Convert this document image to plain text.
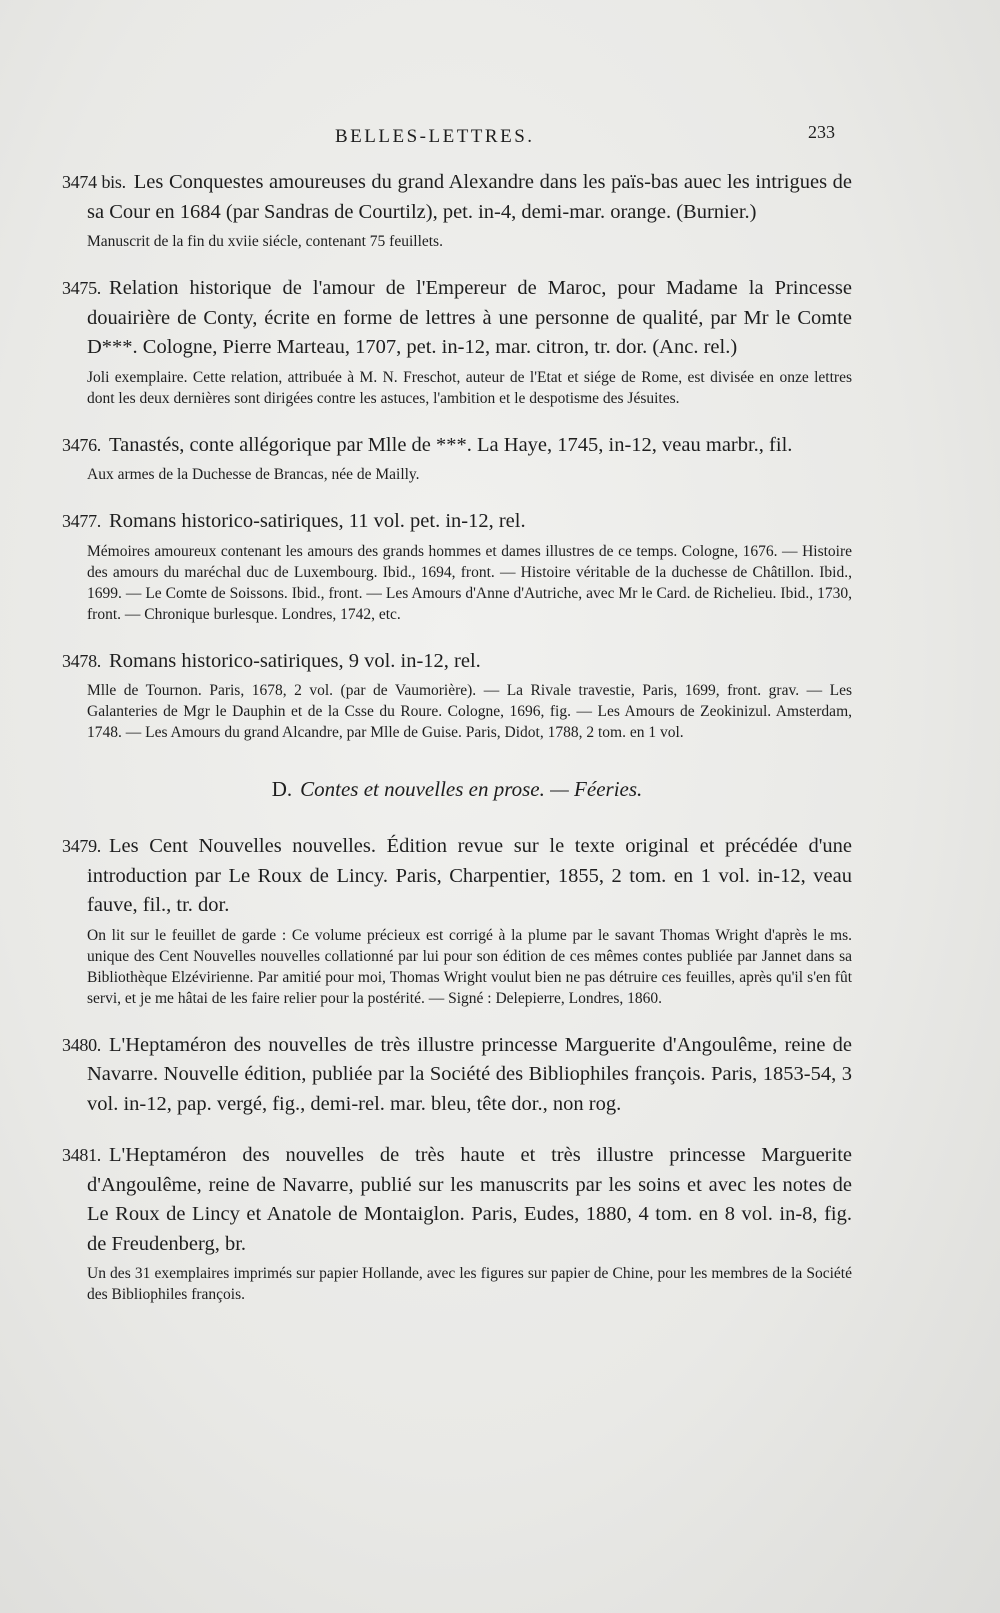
BELLES-LETTRES.	233
3474 bis. Les Conquestes amoureuses du grand Alexandre dans les païs-bas auec les intrigues de sa Cour en 1684 (par Sandras de Courtilz), pet. in-4, demi-mar. orange. (Burnier.)
Manuscrit de la fin du xviie siécle, contenant 75 feuillets.
3475. Relation historique de l'amour de l'Empereur de Maroc, pour Madame la Princesse douairière de Conty, écrite en forme de lettres à une personne de qualité, par Mr le Comte D***. Cologne, Pierre Marteau, 1707, pet. in-12, mar. citron, tr. dor. (Anc. rel.)
Joli exemplaire. Cette relation, attribuée à M. N. Freschot, auteur de l'Etat et siége de Rome, est divisée en onze lettres dont les deux dernières sont dirigées contre les astuces, l'ambition et le despotisme des Jésuites.
3476. Tanastés, conte allégorique par Mlle de ***. La Haye, 1745, in-12, veau marbr., fil.
Aux armes de la Duchesse de Brancas, née de Mailly.
3477. Romans historico-satiriques, 11 vol. pet. in-12, rel.
Mémoires amoureux contenant les amours des grands hommes et dames illustres de ce temps. Cologne, 1676. — Histoire des amours du maréchal duc de Luxembourg. Ibid., 1694, front. — Histoire véritable de la duchesse de Châtillon. Ibid., 1699. — Le Comte de Soissons. Ibid., front. — Les Amours d'Anne d'Autriche, avec Mr le Card. de Richelieu. Ibid., 1730, front. — Chronique burlesque. Londres, 1742, etc.
3478. Romans historico-satiriques, 9 vol. in-12, rel.
Mlle de Tournon. Paris, 1678, 2 vol. (par de Vaumorière). — La Rivale travestie, Paris, 1699, front. grav. — Les Galanteries de Mgr le Dauphin et de la Csse du Roure. Cologne, 1696, fig. — Les Amours de Zeokinizul. Amsterdam, 1748. — Les Amours du grand Alcandre, par Mlle de Guise. Paris, Didot, 1788, 2 tom. en 1 vol.
D. Contes et nouvelles en prose. — Féeries.
3479. Les Cent Nouvelles nouvelles. Édition revue sur le texte original et précédée d'une introduction par Le Roux de Lincy. Paris, Charpentier, 1855, 2 tom. en 1 vol. in-12, veau fauve, fil., tr. dor.
On lit sur le feuillet de garde : Ce volume précieux est corrigé à la plume par le savant Thomas Wright d'après le ms. unique des Cent Nouvelles nouvelles collationné par lui pour son édition de ces mêmes contes publiée par Jannet dans sa Bibliothèque Elzévirienne. Par amitié pour moi, Thomas Wright voulut bien ne pas détruire ces feuilles, après qu'il s'en fût servi, et je me hâtai de les faire relier pour la postérité. — Signé : Delepierre, Londres, 1860.
3480. L'Heptaméron des nouvelles de très illustre princesse Marguerite d'Angoulême, reine de Navarre. Nouvelle édition, publiée par la Société des Bibliophiles françois. Paris, 1853-54, 3 vol. in-12, pap. vergé, fig., demi-rel. mar. bleu, tête dor., non rog.
3481. L'Heptaméron des nouvelles de très haute et très illustre princesse Marguerite d'Angoulême, reine de Navarre, publié sur les manuscrits par les soins et avec les notes de Le Roux de Lincy et Anatole de Montaiglon. Paris, Eudes, 1880, 4 tom. en 8 vol. in-8, fig. de Freudenberg, br.
Un des 31 exemplaires imprimés sur papier Hollande, avec les figures sur papier de Chine, pour les membres de la Société des Bibliophiles françois.
